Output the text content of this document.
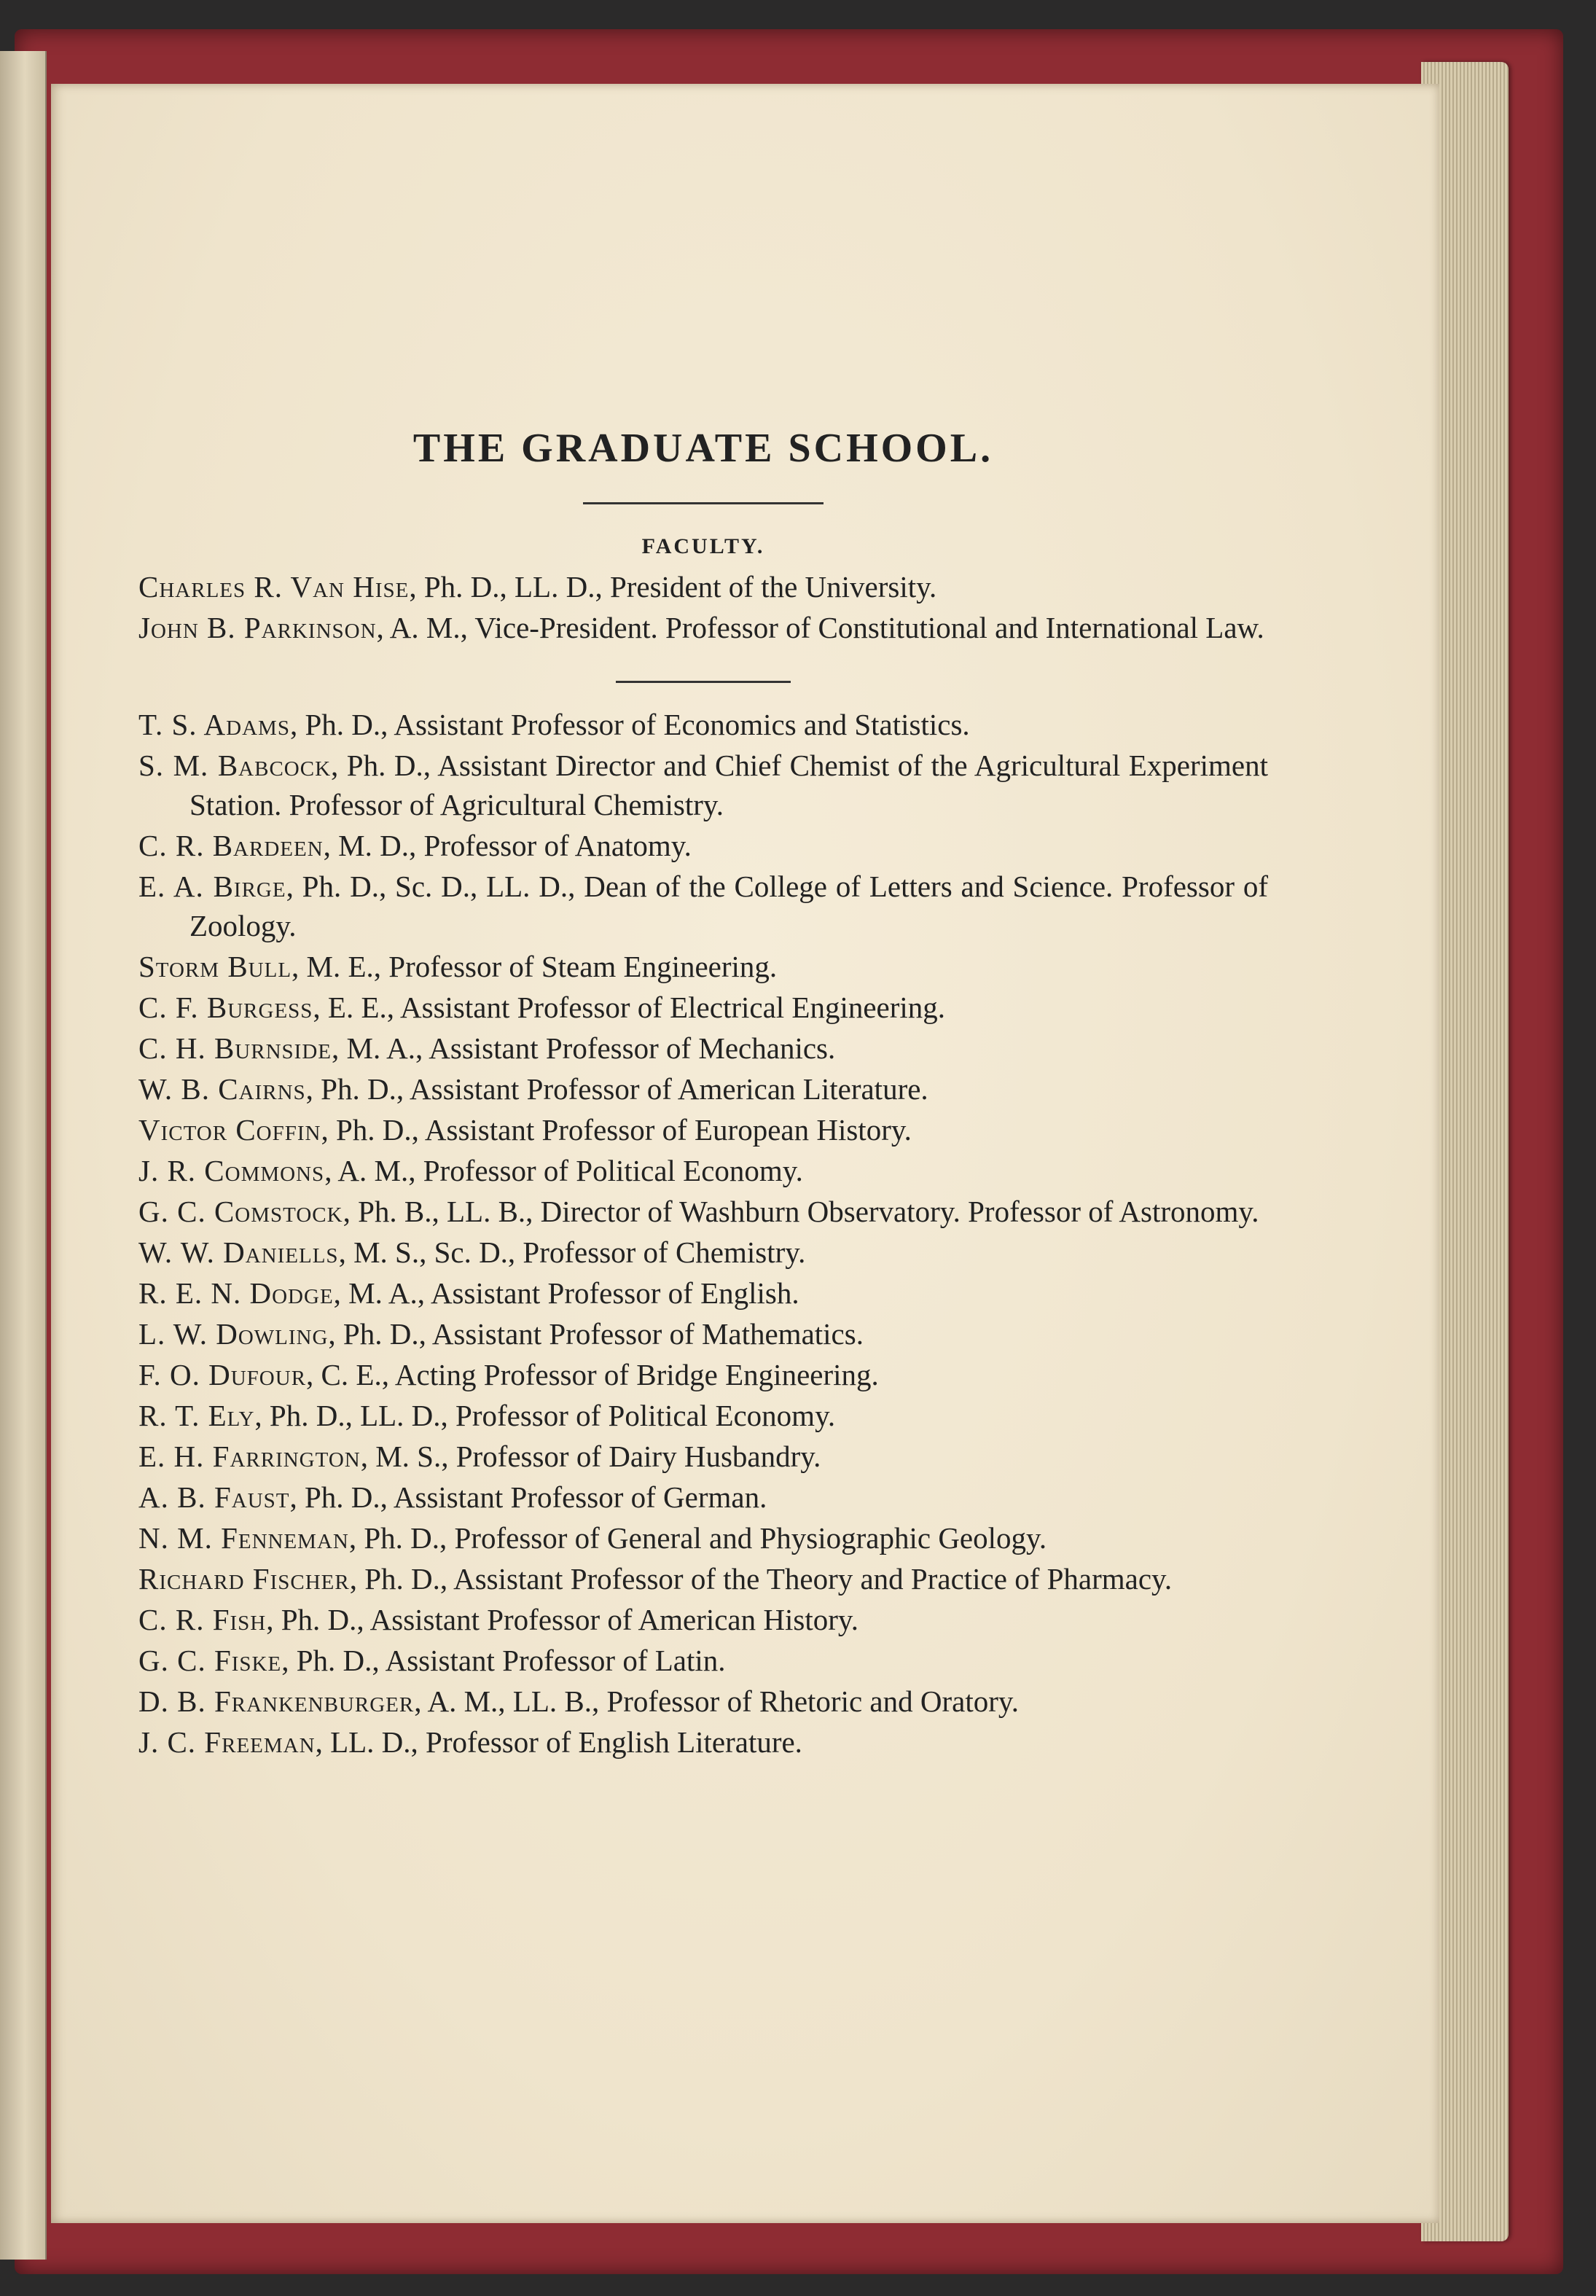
THE GRADUATE SCHOOL.
FACULTY.

Charles R. Van Hise, Ph. D., LL. D., President of the University.

John B. Parkinson, A. M., Vice-President. Professor of Constitutional and International Law.

T. S. Adams, Ph. D., Assistant Professor of Economics and Statistics.

S. M. Babcock, Ph. D., Assistant Director and Chief Chemist of the Agricultural Experiment Station. Professor of Agricultural Chemistry.

C. R. Bardeen, M. D., Professor of Anatomy.

E. A. Birge, Ph. D., Sc. D., LL. D., Dean of the College of Letters and Science. Professor of Zoology.

Storm Bull, M. E., Professor of Steam Engineering.

C. F. Burgess, E. E., Assistant Professor of Electrical Engineering.

C. H. Burnside, M. A., Assistant Professor of Mechanics.

W. B. Cairns, Ph. D., Assistant Professor of American Literature.

Victor Coffin, Ph. D., Assistant Professor of European History.

J. R. Commons, A. M., Professor of Political Economy.

G. C. Comstock, Ph. B., LL. B., Director of Washburn Observatory. Professor of Astronomy.

W. W. Daniells, M. S., Sc. D., Professor of Chemistry.

R. E. N. Dodge, M. A., Assistant Professor of English.

L. W. Dowling, Ph. D., Assistant Professor of Mathematics.

F. O. Dufour, C. E., Acting Professor of Bridge Engineering.

R. T. Ely, Ph. D., LL. D., Professor of Political Economy.

E. H. Farrington, M. S., Professor of Dairy Husbandry.

A. B. Faust, Ph. D., Assistant Professor of German.

N. M. Fenneman, Ph. D., Professor of General and Physiographic Geology.

Richard Fischer, Ph. D., Assistant Professor of the Theory and Practice of Pharmacy.

C. R. Fish, Ph. D., Assistant Professor of American History.

G. C. Fiske, Ph. D., Assistant Professor of Latin.

D. B. Frankenburger, A. M., LL. B., Professor of Rhetoric and Oratory.

J. C. Freeman, LL. D., Professor of English Literature.
